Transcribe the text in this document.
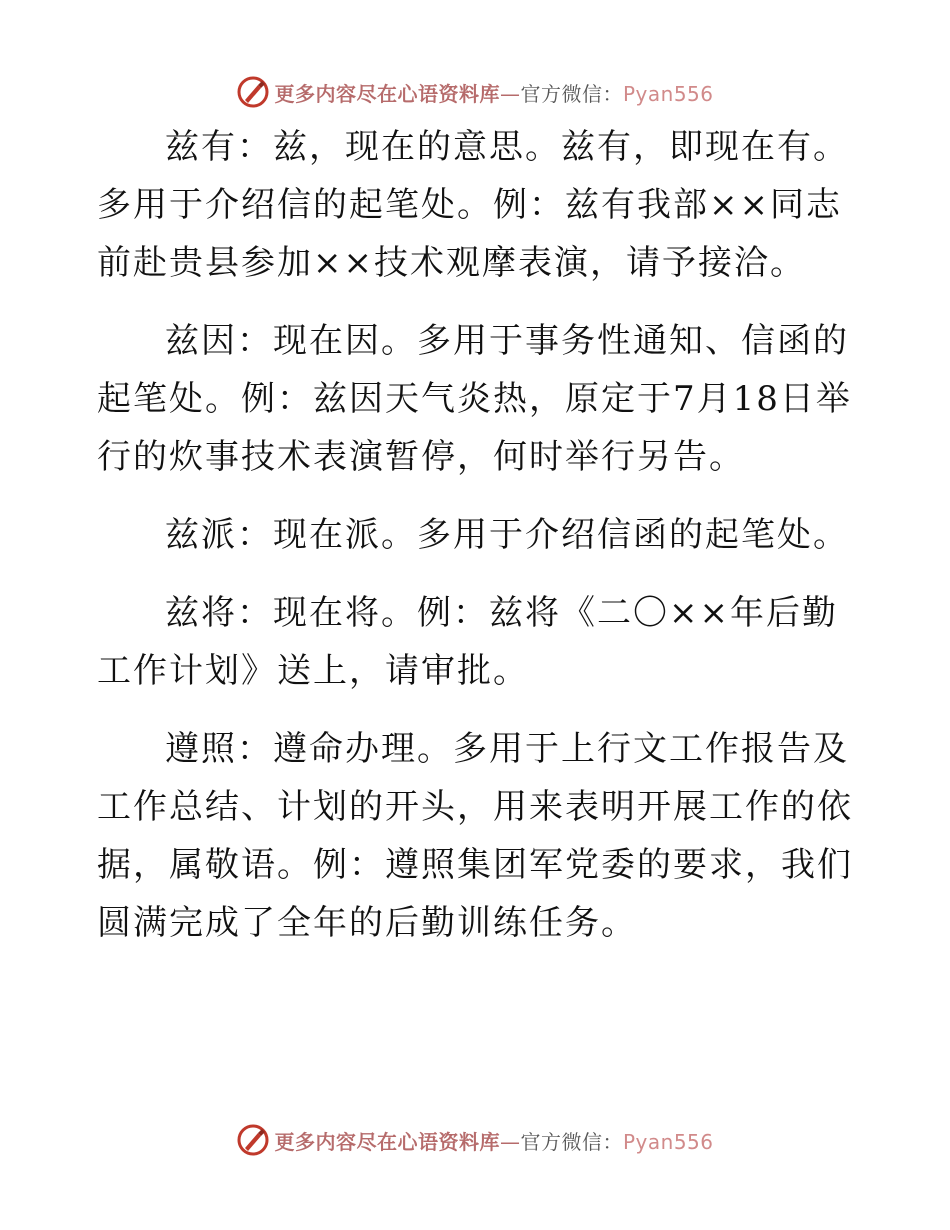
更多内容尽在心语资料库—官方微信：Pyan556

兹有：兹，现在的意思。兹有，即现在有。多用于介绍信的起笔处。例：兹有我部××同志前赴贵县参加××技术观摩表演，请予接洽。

兹因：现在因。多用于事务性通知、信函的起笔处。例：兹因天气炎热，原定于7月18日举行的炊事技术表演暂停，何时举行另告。

兹派：现在派。多用于介绍信函的起笔处。

兹将：现在将。例：兹将《二〇××年后勤工作计划》送上，请审批。

遵照：遵命办理。多用于上行文工作报告及工作总结、计划的开头，用来表明开展工作的依据，属敬语。例：遵照集团军党委的要求，我们圆满完成了全年的后勤训练任务。

更多内容尽在心语资料库—官方微信：Pyan556
